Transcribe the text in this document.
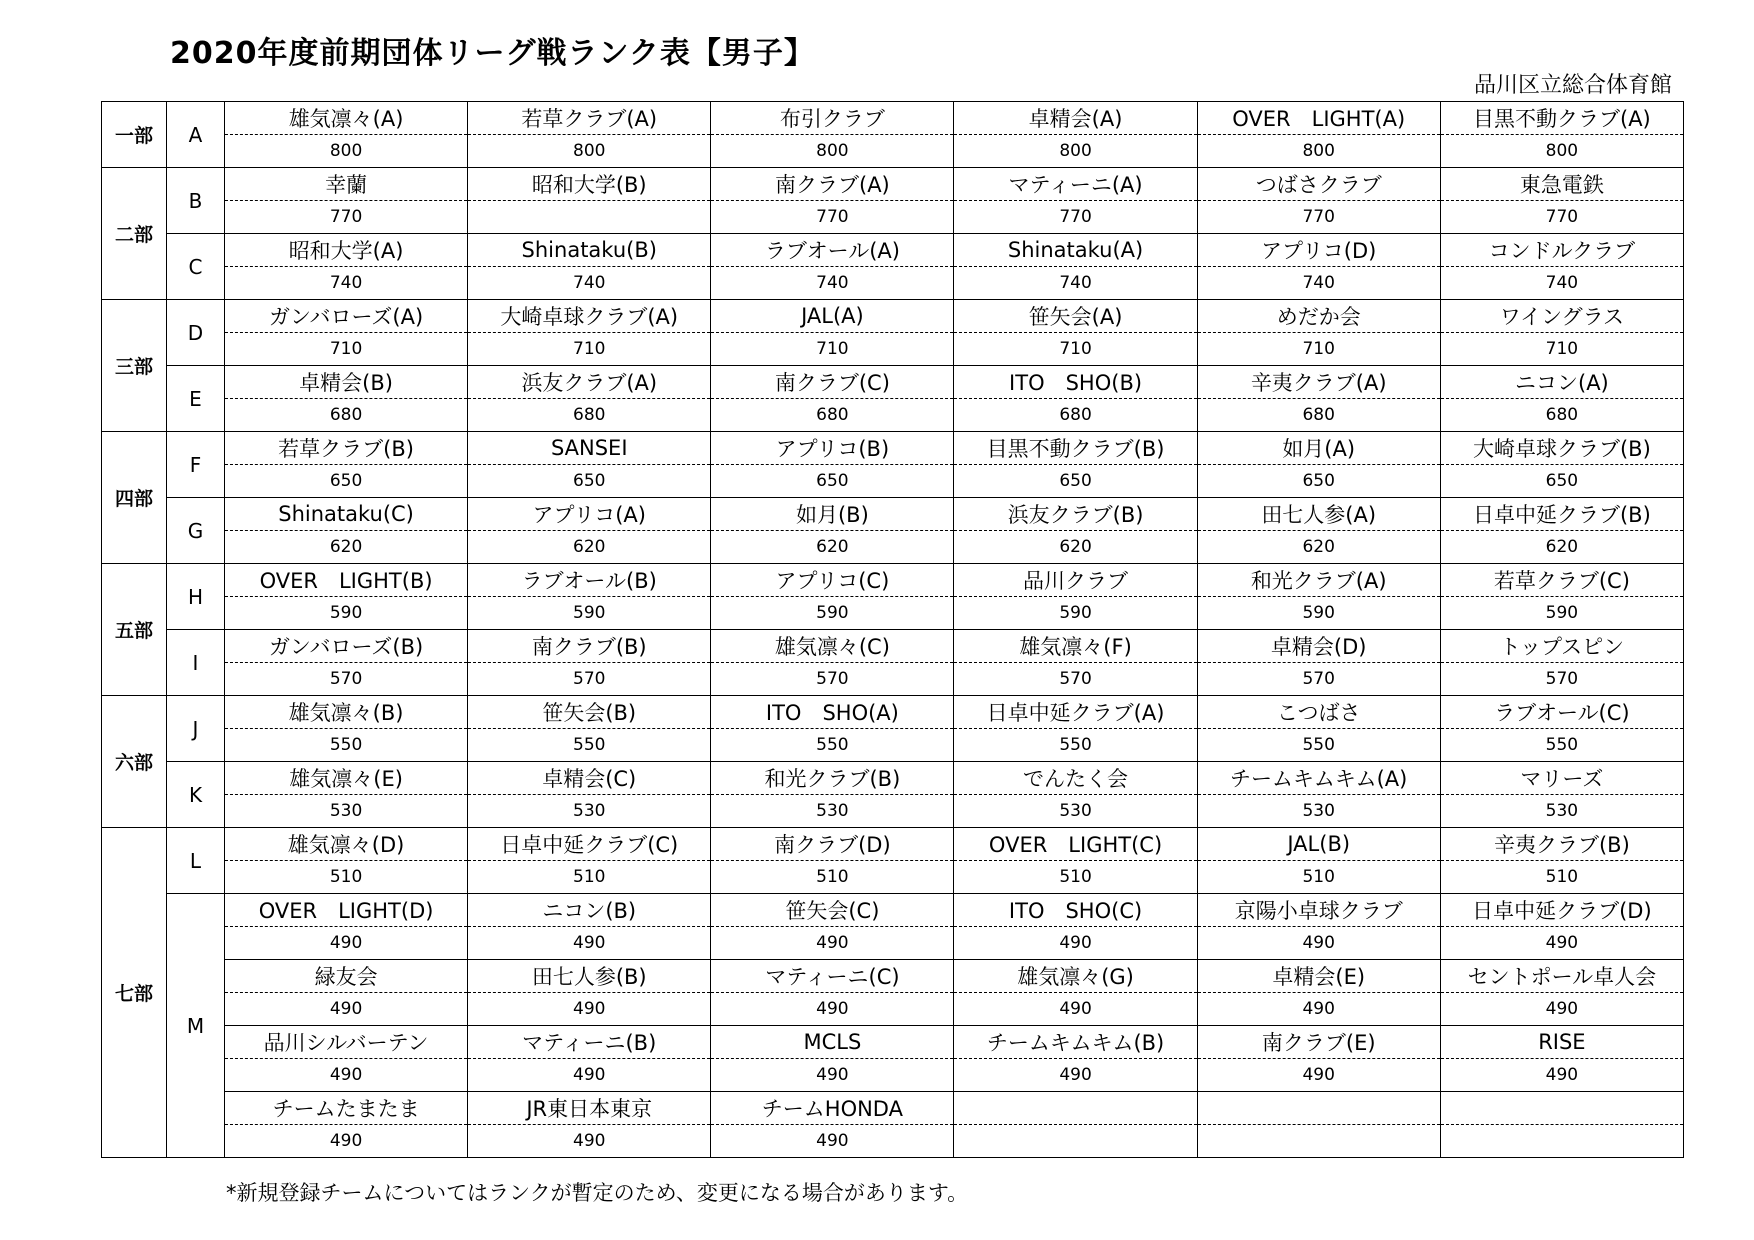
2020年度前期団体リーグ戦ランク表【男子】
品川区立総合体育館
一部	A	雄気凛々(A)	若草クラブ(A)	布引クラブ	卓精会(A)	OVER　LIGHT(A)	目黒不動クラブ(A)
		800	800	800	800	800	800
二部	B	幸蘭	昭和大学(B)	南クラブ(A)	マティーニ(A)	つばさクラブ	東急電鉄
		770		770	770	770	770
	C	昭和大学(A)	Shinataku(B)	ラブオール(A)	Shinataku(A)	アプリコ(D)	コンドルクラブ
		740	740	740	740	740	740
三部	D	ガンバローズ(A)	大崎卓球クラブ(A)	JAL(A)	笹矢会(A)	めだか会	ワイングラス
		710	710	710	710	710	710
	E	卓精会(B)	浜友クラブ(A)	南クラブ(C)	ITO　SHO(B)	辛夷クラブ(A)	ニコン(A)
		680	680	680	680	680	680
四部	F	若草クラブ(B)	SANSEI	アプリコ(B)	目黒不動クラブ(B)	如月(A)	大崎卓球クラブ(B)
		650	650	650	650	650	650
	G	Shinataku(C)	アプリコ(A)	如月(B)	浜友クラブ(B)	田七人参(A)	日卓中延クラブ(B)
		620	620	620	620	620	620
五部	H	OVER　LIGHT(B)	ラブオール(B)	アプリコ(C)	品川クラブ	和光クラブ(A)	若草クラブ(C)
		590	590	590	590	590	590
	I	ガンバローズ(B)	南クラブ(B)	雄気凛々(C)	雄気凛々(F)	卓精会(D)	トップスピン
		570	570	570	570	570	570
六部	J	雄気凛々(B)	笹矢会(B)	ITO　SHO(A)	日卓中延クラブ(A)	こつばさ	ラブオール(C)
		550	550	550	550	550	550
	K	雄気凛々(E)	卓精会(C)	和光クラブ(B)	でんたく会	チームキムキム(A)	マリーズ
		530	530	530	530	530	530
七部	L	雄気凛々(D)	日卓中延クラブ(C)	南クラブ(D)	OVER　LIGHT(C)	JAL(B)	辛夷クラブ(B)
		510	510	510	510	510	510
	M	OVER　LIGHT(D)	ニコン(B)	笹矢会(C)	ITO　SHO(C)	京陽小卓球クラブ	日卓中延クラブ(D)
		490	490	490	490	490	490
		緑友会	田七人参(B)	マティーニ(C)	雄気凛々(G)	卓精会(E)	セントポール卓人会
		490	490	490	490	490	490
		品川シルバーテン	マティーニ(B)	MCLS	チームキムキム(B)	南クラブ(E)	RISE
		490	490	490	490	490	490
		チームたまたま	JR東日本東京	チームHONDA			
		490	490	490			
*新規登録チームについてはランクが暫定のため、変更になる場合があります。
